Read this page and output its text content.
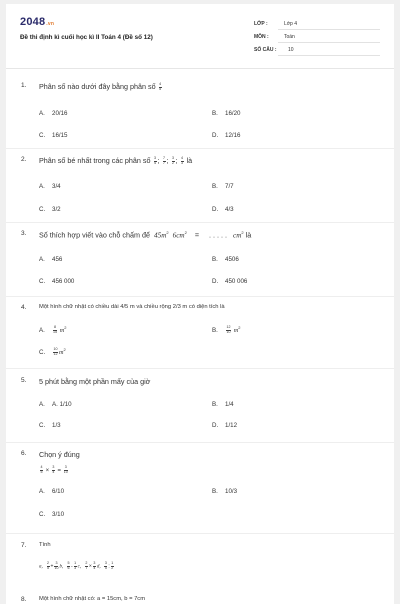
2048.vn
Đề thi định kì cuối học kì II Toán 4 (Đề số 12)
LỚP :	Lớp 4
MÔN :	Toán
SỐ CÂU : 10
1. Phân số nào dưới đây bằng phân số $\frac{4}{5}$
A. 20/16	B. 16/20
C. 16/15	D. 12/16
2. Phân số bé nhất trong các phân số $\frac{3}{4}$ ; $\frac{7}{7}$ ; $\frac{3}{2}$ ; $\frac{4}{3}$ là
A. 3/4	B. 7/7
C. 3/2	D. 4/3
3. Số thích hợp viết vào chỗ chấm để $45m^2$ $6cm^2$ = . . . . . $cm^2$ là
A. 456	B. 4506
C. 456 000	D. 450 006
4. Một hình chữ nhật có chiều dài 4/5 m và chiều rộng 2/3 m có diện tích là
A. $\frac{8}{15} m^2$	B. $\frac{12}{10} m^2$
C. $\frac{10}{12} m^2$
5. 5 phút bằng một phần mấy của giờ
A. A. 1/10	B. 1/4
C. 1/3	D. 1/12
6. Chọn ý đúng
$\frac{4}{5} \times \frac{3}{4} = \frac{3}{10}$
A. 6/10	B. 10/3
C. 3/10
7. Tính
a, $\frac{2}{5} + \frac{3}{10} b$, $\frac{5}{6} - \frac{1}{3} c$, $\frac{2}{7} \times \frac{3}{4} d$, $\frac{3}{5}$ : $\frac{1}{2}$
8. Một hình chữ nhật có: a = 15cm, b = 7cm
